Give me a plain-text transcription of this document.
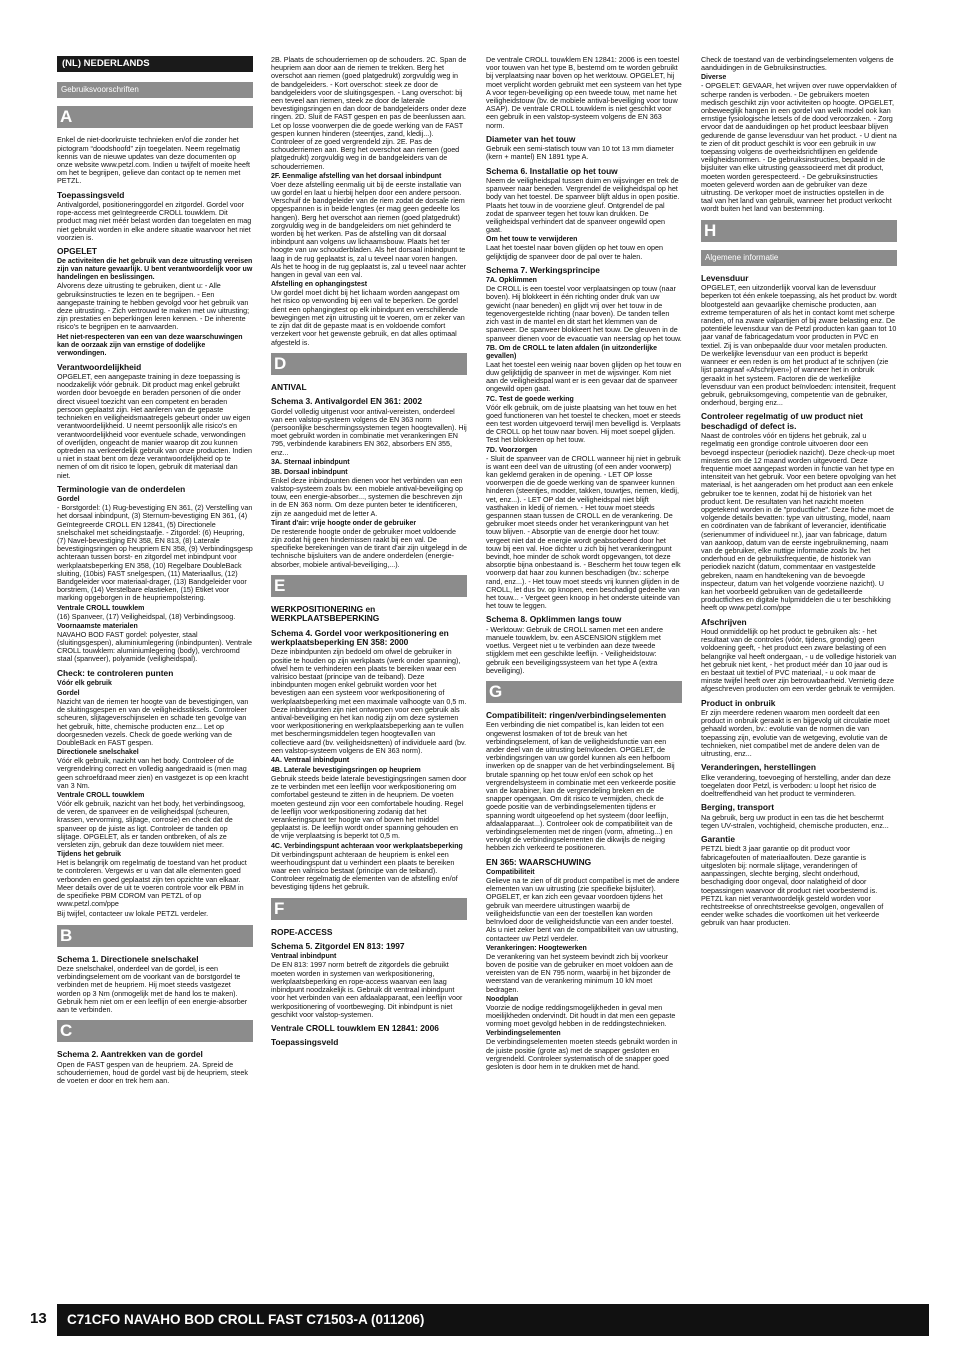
(NL) NEDERLANDS
Gebruiksvoorschriften
A

Enkel de niet-doorkruiste technieken en/of die zonder het pictogram “doodshoofd” zijn toegelaten. Neem regelmatig kennis van de nieuwe updates van deze documenten op onze website www.petzl.com. Indien u twijfelt of moeite heeft om het te begrijpen, gelieve dan contact op te nemen met PETZL.

Toepassingsveld

Antivalgordel, positioneringgordel en zitgordel. Gordel voor rope-access met geïntegreerde CROLL touwklem. Dit product mag niet méér belast worden dan toegelaten en mag niet gebruikt worden in elke andere situatie waarvoor het niet voorzien is.

OPGELET
De activiteiten die het gebruik van deze uitrusting vereisen zijn van nature gevaarlijk. U bent verantwoordelijk voor uw handelingen en beslissingen.

Alvorens deze uitrusting te gebruiken, dient u: - Alle gebruiksinstructies te lezen en te begrijpen. - Een aangepaste training te hebben gevolgd voor het gebruik van deze uitrusting. - Zich vertrouwd te maken met uw uitrusting; zijn prestaties en beperkingen leren kennen. - De inherente risico's te begrijpen en te aanvaarden.

Het niet-respecteren van een van deze waarschuwingen kan de oorzaak zijn van ernstige of dodelijke verwondingen.
Verantwoordelijkheid

OPGELET, een aangepaste training in deze toepassing is noodzakelijk vóór gebruik. Dit product mag enkel gebruikt worden door bevoegde en beraden personen of die onder direct visueel toezicht van een competent en beraden persoon geplaatst zijn. Het aanleren van de gepaste technieken en veiligheidsmaatregels gebeurt onder uw eigen verantwoordelijkheid. U neemt persoonlijk alle risico's en verantwoordelijkheid voor eventuele schade, verwondingen of overlijden, ongeacht de manier waarop dit zou kunnen optreden na verkeerdelijk gebruik van onze producten. Indien u niet in staat bent om deze verantwoordelijkheid op te nemen of om dit risico te lopen, gebruik dit materiaal dan niet.

Terminologie van de onderdelen
Gordel

- Borstgordel: (1) Rug-bevestiging EN 361, (2) Verstelling van het dorsaal inbindpunt, (3) Sternum-bevestiging EN 361, (4) Geïntegreerde CROLL EN 12841, (5) Directionele snelschakel met scheidingstaafje. - Zitgordel: (6) Heupring, (7) Navel-bevestiging EN 358, EN 813, (8) Laterale bevestigingsringen op heupriem EN 358, (9) Verbindingsgesp achteraan tussen borst- en zitgordel met inbindpunt voor werkplaatsbeperking EN 358, (10) Regelbare DoubleBack sluiting, (10bis) FAST snelgespen, (11) Materiaallus, (12) Bandgeleider voor materiaal-drager, (13) Bandgeleider voor borstriem, (14) Verstelbare elastieken, (15) Etiket voor marking opgeborgen in de heupriempolstering.

Ventrale CROLL touwklem

(16) Spanveer, (17) Veiligheidspal, (18) Verbindingsoog.

Voornaamste materialen

NAVAHO BOD FAST gordel: polyester, staal (sluitingsgespen), aluminiumlegering (inbindpunten). Ventrale CROLL touwklem: aluminiumlegering (body), verchroomd staal (spanveer), polyamide (veiligheidspal).

Check: te controleren punten
Vóór elk gebruik
Gordel

Nazicht van de riemen ter hoogte van de bevestigingen, van de sluitingsgespen en van de veiligheidsstiksels. Controleer scheuren, slijtageverschijnselen en schade ten gevolge van het gebruik, hitte, chemische producten enz... Let op doorgesneden vezels. Check de goede werking van de DoubleBack en FAST gespen.

Directionele snelschakel

Vóór elk gebruik, nazicht van het body. Controleer of de vergrendelring correct en volledig aangedraaid is (men mag geen schroefdraad meer zien) en vastgezet is op een kracht van 3 Nm.

Ventrale CROLL touwklem

Vóór elk gebruik, nazicht van het body, het verbindingsoog, de veren, de spanveer en de veiligheidspal (scheuren, krassen, vervorming, slijtage, corrosie) en check dat de spanveer op de juiste as ligt. Controleer de tanden op slijtage. OPGELET, als er tanden ontbreken, of als ze versleten zijn, gebruik dan deze touwklem niet meer.

Tijdens het gebruik

Het is belangrijk om regelmatig de toestand van het product te controleren. Vergewis er u van dat alle elementen goed verbonden en goed geplaatst zijn ten opzichte van elkaar. Meer details over de uit te voeren controle voor elk PBM in de specifieke PBM CDROM van PETZL of op www.petzl.com/ppe

Bij twijfel, contacteer uw lokale PETZL verdeler.

B
Schema 1. Directionele snelschakel

Deze snelschakel, onderdeel van de gordel, is een verbindingselement om de voorkant van de borstgordel te verbinden met de heupriem. Hij moet steeds vastgezet worden op 3 Nm (onmogelijk met de hand los te maken). Gebruik hem niet om er een leeflijn of een energie-absorber aan te verbinden.

C
Schema 2. Aantrekken van de gordel

Open de FAST gespen van de heupriem. 2A. Spreid de schouderriemen, houd de gordel vast bij de heupriem, steek de voeten er door en trek hem aan.

2B. Plaats de schouderriemen op de schouders. 2C. Span de heupriem aan door aan de riemen te trekken. Berg het overschot aan riemen (goed platgedrukt) zorgvuldig weg in de bandgeleiders. - Kort overschot: steek ze door de bandgeleiders voor de sluitingsgespen. - Lang overschot: bij een teveel aan riemen, steek ze door de laterale bevestigingsringen en dan door de bandgeleiders onder deze ringen. 2D. Sluit de FAST gespen en pas de beenlussen aan. Let op losse voorwerpen die de goede werking van de FAST gespen kunnen hinderen (steentjes, zand, kledij...). Controleer of ze goed vergrendeld zijn. 2E. Pas de schouderriemen aan. Berg het overschot aan riemen (goed platgedrukt) zorgvuldig weg in de bandgeleiders van de schouderriemen.

2F. Eenmalige afstelling van het dorsaal inbindpunt

Voer deze afstelling eenmalig uit bij de eerste installatie van uw gordel en laat u hierbij helpen door een andere persoon. Verschuif de bandgeleider van de riem zodat de dorsale riem opgespannen is in beide lengtes (er mag geen gedeelte los hangen). Berg het overschot aan riemen (goed platgedrukt) zorgvuldig weg in de bandgeleiders om niet gehinderd te worden bij het werken. Pas de afstelling van dit dorsaal inbindpunt aan volgens uw lichaamsbouw. Plaats het ter hoogte van uw schouderbladen. Als het dorsaal inbindpunt te laag in de rug geplaatst is, zal u teveel naar voren hangen. Als het te hoog in de rug geplaatst is, zal u teveel naar achter hangen in geval van een val.

Afstelling en ophangingstest

Uw gordel moet dicht bij het lichaam worden aangepast om het risico op verwonding bij een val te beperken. De gordel dient een ophangingtest op elk inbindpunt en verschillende bewegingen met zijn uitrusting uit te voeren, om er zeker van te zijn dat dit de gepaste maat is en voldoende comfort verzekert voor het gewenste gebruik, en dat alles optimaal afgesteld is.

D
ANTIVAL
Schema 3. Antivalgordel EN 361: 2002

Gordel volledig uitgerust voor antival-vereisten, onderdeel van een valstop-systeem volgens de EN 363 norm (persoonlijke beschermingssystemen tegen hoogtevallen). Hij moet gebruikt worden in combinatie met verankeringen EN 795, verbindende karabiners EN 362, absorbers EN 355, enz...

3A. Sternaal inbindpunt
3B. Dorsaal inbindpunt

Enkel deze inbindpunten dienen voor het verbinden van een valstop-systeem zoals bv. een mobiele antival-beveiliging op touw, een energie-absorber..., systemen die beschreven zijn in de EN 363 norm. Om deze punten beter te identificeren, zijn ze aangeduid met de letter A.

Tirant d'air: vrije hoogte onder de gebruiker

De resterende hoogte onder de gebruiker moet voldoende zijn zodat hij geen hindernissen raakt bij een val. De specifieke berekeningen van de tirant d'air zijn uitgelegd in de technische bijsluiters van de andere onderdelen (energie-absorber, mobiele antival-beveiliging,...).

E
WERKPOSITIONERING en WERKPLAATSBEPERKING
Schema 4. Gordel voor werkpositionering en werkplaatsbeperking EN 358: 2000

Deze inbindpunten zijn bedoeld om ofwel de gebruiker in positie te houden op zijn werkplaats (werk onder spanning), ofwel hem te verhinderen een plaats te bereiken waar een valrisico bestaat (principe van de teiband). Deze inbindpunten mogen enkel gebruikt worden voor het bevestigen aan een systeem voor werkpositionering of werkplaatsbeperking met een maximale valhoogte van 0,5 m. Deze inbindpunten zijn niet ontworpen voor een gebruik als antival-beveiliging en het kan nodig zijn om deze systemen voor werkpositionering en werkplaatsbeperking aan te vullen met beschermingsmiddelen tegen hoogtevallen van collectieve aard (bv. veiligheidsnetten) of individuele aard (bv. een valstop-systeem volgens de EN 363 norm).

4A. Ventraal inbindpunt
4B. Laterale bevestigingsringen op heupriem

Gebruik steeds beide laterale bevestigingsringen samen door ze te verbinden met een leeflijn voor werkpositionering om comfortabel gesteund te zitten in de heupriem. De voeten moeten gesteund zijn voor een comfortabele houding. Regel de leeflijn voor werkpositionering zodanig dat het verankeringspunt ter hoogte van of boven het middel geplaatst is. De leeflijn wordt onder spanning gehouden en de vrije verplaatsing is beperkt tot 0,5 m.

4C. Verbindingspunt achteraan voor werkplaatsbeperking

Dit verbindingspunt achteraan de heupriem is enkel een weerhoudingspunt dat u verhindert een plaats te bereiken waar een valrisico bestaat (principe van de teiband). Controleer regelmatig de elementen van de afstelling en/of bevestiging tijdens het gebruik.

F
ROPE-ACCESS
Schema 5. Zitgordel EN 813: 1997
Ventraal inbindpunt

De EN 813: 1997 norm betreft de zitgordels die gebruikt moeten worden in systemen van werkpositionering, werkplaatsbeperking en rope-access waarvan een laag inbindpunt noodzakelijk is. Gebruik dit ventraal inbindpunt voor het verbinden van een afdaalapparaat, een leeflijn voor werkpositionering of voortbeweging. Dit inbindpunt is niet geschikt voor valstop-systemen.

Ventrale CROLL touwklem EN 12841: 2006
Toepassingsveld

De ventrale CROLL touwklem EN 12841: 2006 is een toestel voor touwen van het type B, bestemd om te worden gebruikt bij verplaatsing naar boven op het werktouw. OPGELET, hij moet verplicht worden gebruikt met een systeem van het type A voor tegen-beveiliging op een tweede touw, met name het veiligheidstouw (bv. de mobiele antival-beveiliging voor touw ASAP). De ventrale CROLL touwklem is niet geschikt voor een gebruik in een valstop-systeem volgens de EN 363 norm.

Diameter van het touw

Gebruik een semi-statisch touw van 10 tot 13 mm diameter (kern + mantel) EN 1891 type A.

Schema 6. Installatie op het touw

Neem de veiligheidspal tussen duim en wijsvinger en trek de spanveer naar beneden. Vergrendel de veiligheidspal op het body van het toestel. De spanveer blijft aldus in open positie. Plaats het touw in de voorziene gleuf. Ontgrendel de pal zodat de spanveer tegen het touw kan drukken. De veiligheidspal verhindert dat de spanveer ongewild open gaat.

Om het touw te verwijderen

Laat het toestel naar boven glijden op het touw en open gelijktijdig de spanveer door de pal over te halen.

Schema 7. Werkingsprincipe
7A. Opklimmen

De CROLL is een toestel voor verplaatsingen op touw (naar boven). Hij blokkeert in één richting onder druk van uw gewicht (naar beneden) en glijdt vrij over het touw in de tegenovergestelde richting (naar boven). De tanden tellen zich vast in de mantel en dit start het klemmen van de spanveer. De spanveer blokkeert het touw. De gleuven in de spanveer dienen voor de evacuatie van neerslag op het touw.

7B. Om de CROLL te laten afdalen (in uitzonderlijke gevallen)

Laat het toestel een weinig naar boven glijden op het touw en duw gelijktijdig de spanveer in met de wijsvinger. Kom niet aan de veiligheidspal want er is een gevaar dat de spanveer ongewild open gaat.

7C. Test de goede werking

Vóór elk gebruik, om de juiste plaatsing van het touw en het goed functioneren van het toestel te checken, moet er steeds een test worden uitgevoerd terwijl men bevelligd is. Verplaats de CROLL op het touw naar boven. Hij moet soepel glijden. Test het blokkeren op het touw.

7D. Voorzorgen

- Sluit de spanveer van de CROLL wanneer hij niet in gebruik is want een deel van de uitrusting (of een ander voorwerp) kan geklemd geraken in de opening. - LET OP losse voorwerpen die de goede werking van de spanveer kunnen hinderen (steentjes, modder, takken, touwtjes, riemen, kledij, vet, enz...). - LET OP dat de veiligheidspal niet blijft vasthaken in kledij of riemen. - Het touw moet steeds gespannen staan tussen de CROLL en de verankering. De gebruiker moet steeds onder het verankeringpunt van het touw blijven. - Absorptie van de energie door het touw: vergeet niet dat de energie wordt geabsorbeerd door het touw bij een val. Hoe dichter u zich bij het verankeringpunt bevindt, hoe minder de schok wordt opgevangen, tot deze absorptie bijna onbestaand is. - Bescherm het touw tegen elk voorwerp dat haar zou kunnen beschadigen (bv.: scherpe rand, enz...). - Het touw moet steeds vrij kunnen glijden in de CROLL, let dus bv. op knopen, een beschadigd gedeelte van het touw... - Vergeet geen knoop in het onderste uiteinde van het touw te leggen.

Schema 8. Opklimmen langs touw

- Werktouw: Gebruik de CROLL samen met een andere manuele touwklem, bv. een ASCENSION stijgklem met voetlus. Vergeet niet u te verbinden aan deze tweede stijgklem met een geschikte leeflijn. - Veiligheidstouw: gebruik een beveiligingssysteem van het type A (extra beveiliging).

G
Compatibiliteit: ringen/verbindingselementen

Een verbinding die niet compatibel is, kan leiden tot een ongewenst losmaken of tot de breuk van het verbindingselement, of kan de veiligheidsfunctie van een ander deel van de uitrusting beïnvloeden. OPGELET, de verbindingsringen van uw gordel kunnen als een hefboom inwerken op de snapper van de het verbindingselement. Bij brutale spanning op het touw en/of een schok op het vergrendelsysteem in combinatie met een verkeerde positie van de karabiner, kan de vergrendeling breken en de snapper opengaan. Om dit risico te vermijden, check de goede positie van de verbindingselementen tijdens er spanning wordt uitgeoefend op het systeem (door leeflijn, afdaalapparaat...). Controleer ook de compatibiliteit van de verbindingselementen met de ringen (vorm, afmeting...) en vervolgt de verbindingselementen die dikwijls de neiging hebben zich verkeerd te positioneren.

EN 365: WAARSCHUWING
Compatibiliteit

Gelieve na te zien of dit product compatibel is met de andere elementen van uw uitrusting (zie specifieke bijsluiter). OPGELET, er kan zich een gevaar voordoen tijdens het gebruik van meerdere uitrustingen waarbij de veiligheidsfunctie van een der toestellen kan worden beïnvloed door de veiligheidsfunctie van een ander toestel. Als u niet zeker bent van de compatibiliteit van uw uitrusting, contacteer uw Petzl verdeler.

Verankeringen: Hoogtewerken

De verankering van het systeem bevindt zich bij voorkeur boven de positie van de gebruiker en moet voldoen aan de vereisten van de EN 795 norm, waarbij in het bijzonder de weerstand van de verankering minimum 10 kN moet bedragen.

Noodplan

Voorzie de nodige reddingsmogelijkheden in geval men moeilijkheden ondervindt. Dit houdt in dat men een gepaste vorming moet gevolgd hebben in de reddingstechnieken.

Verbindingselementen

De verbindingselementen moeten steeds gebruikt worden in de juiste positie (grote as) met de snapper gesloten en vergrendeld. Controleer systematisch of de snapper goed gesloten is door hem in te drukken met de hand.

Check de toestand van de verbindingselementen volgens de aanduidingen in de Gebruiksinstructies.

Diverse

- OPGELET: GEVAAR, het wrijven over ruwe oppervlakken of scherpe randen is verboden. - De gebruikers moeten medisch geschikt zijn voor activiteiten op hoogte. OPGELET, onbeweeglijk hangen in een gordel van welk model ook kan ernstige fysiologische letsels of de dood veroorzaken. - Zorg ervoor dat de aanduidingen op het product leesbaar blijven gedurende de ganse levensduur van het product. - U dient na te zien of dit product geschikt is voor een gebruik in uw toepassing volgens de overheidsrichtlijnen en geldende veiligheidsnormen. - De gebruiksinstructies, bepaald in de bijsluiter van elke uitrusting geassocieerd met dit product, moeten worden gerespecteerd. - De gebruiksinstructies moeten geleverd worden aan de gebruiker van deze uitrusting. De verkoper moet de instructies opstellen in de taal van het land van gebruik, wanneer het product verkocht wordt buiten het land van bestemming.

H
Algemene informatie
Levensduur

OPGELET, een uitzonderlijk voorval kan de levensduur beperken tot één enkele toepassing, als het product bv. wordt blootgesteld aan gevaarlijke chemische producten, aan extreme temperaturen of als het in contact komt met scherpe randen, of na zware valpartijen of bij zware belasting enz. De potentiële levensduur van de Petzl producten kan gaan tot 10 jaar vanaf de fabricagedatum voor producten in PVC en textiel. Zij is van onbepaalde duur voor metalen producten. De werkelijke levensduur van een product is beperkt wanneer er een reden is om het product af te schrijven (zie lijst paragraaf «Afschrijven») of wanneer het in onbruik geraakt in het systeem. Factoren die de werkelijke levensduur van een product beïnvloeden: intensiteit, frequent gebruik, gebruiksomgeving, competentie van de gebruiker, onderhoud, berging enz...

Controleer regelmatig of uw product niet beschadigd of defect is.

Naast de controles vóór en tijdens het gebruik, zal u regelmatig een grondige controle uitvoeren door een bevoegd inspecteur (periodiek nazicht). Deze check-up moet minstens om de 12 maand worden uitgevoerd. Deze frequentie moet aangepast worden in functie van het type en intensiteit van het gebruik. Voor een betere opvolging van het materiaal, is het aangeraden om het product aan een enkele gebruiker toe te kennen, zodat hij de historiek van het product kent. De resultaten van het nazicht moeten opgetekend worden in de "productfiche". Deze fiche moet de volgende details bevatten: type van uitrusting, model, naam en coördinaten van de fabrikant of leverancier, identificatie (serienummer of individueel nr.), jaar van fabricage, datum van aankoop, datum van de eerste ingebruikneming, naam van de gebruiker, elke nuttige informatie zoals bv. het onderhoud en de gebruiksfrequentie, de historiek van periodiek nazicht (datum, commentaar en vastgestelde gebreken, naam en handtekening van de bevoegde inspecteur, datum van het volgende voorziene nazicht). U kan het voorbeeld gebruiken van de gedetailleerde productfiches en digitale hulpmiddelen die u ter beschikking heeft op www.petzl.com/ppe

Afschrijven

Houd onmiddellijk op het product te gebruiken als: - het resultaat van de controles (vóór, tijdens, grondig) geen voldoening geeft, - het product een zware belasting of een belangrijke val heeft ondergaan, - u de volledige historiek van het gebruik niet kent, - het product méér dan 10 jaar oud is en bestaat uit textiel of PVC materiaal, - u ook maar de minste twijfel heeft over zijn betrouwbaarheid. Vernietig deze afgeschreven producten om een verder gebruik te vermijden.

Product in onbruik

Er zijn meerdere redenen waarom men oordeelt dat een product in onbruik geraakt is en bijgevolg uit circulatie moet gehaald worden, bv.: evolutie van de normen die van toepassing zijn, evolutie van de wetgeving, evolutie van de technieken, niet compatibel met de andere delen van de uitrusting, enz...

Veranderingen, herstellingen

Elke verandering, toevoeging of herstelling, ander dan deze toegelaten door Petzl, is verboden: u loopt het risico de doeltreffendheid van het product te verminderen.

Berging, transport

Na gebruik, berg uw product in een tas die het beschermt tegen UV-stralen, vochtigheid, chemische producten, enz...

Garantie

PETZL biedt 3 jaar garantie op dit product voor fabricagefouten of materiaalfouten. Deze garantie is uitgesloten bij: normale slijtage, veranderingen of aanpassingen, slechte berging, slecht onderhoud, beschadiging door ongeval, door nalatigheid of door toepassingen waarvoor dit product niet voorbestemd is. PETZL kan niet verantwoordelijk gesteld worden voor rechtstreekse of onrechtstreekse gevolgen, ongevallen of eender welke schades die voortkomen uit het verkeerde gebruik van haar producten.

13	C71CFO NAVAHO BOD CROLL FAST C71503-A (011206)
